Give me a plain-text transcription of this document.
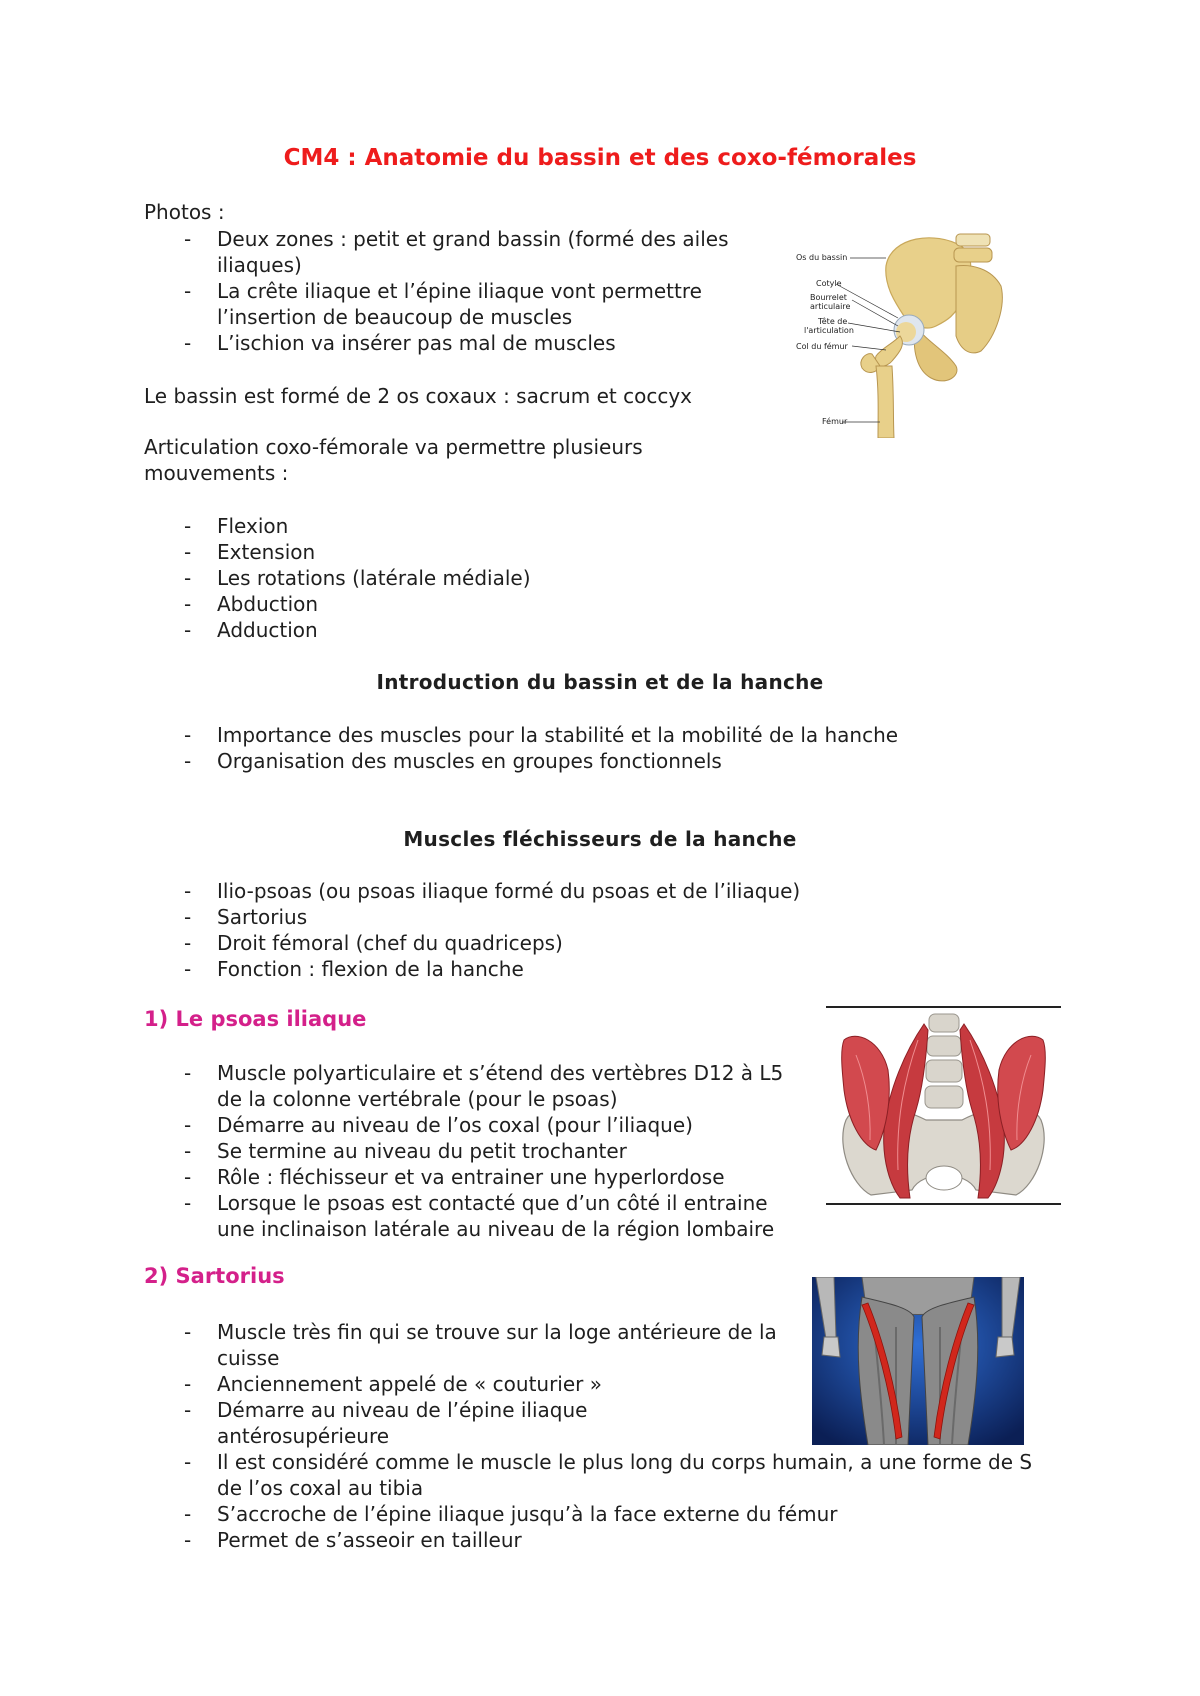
CM4 : Anatomie du bassin et des coxo-fémorales
Photos :
- Deux zones : petit et grand bassin (formé des ailes iliaques)
- La crête iliaque et l’épine iliaque vont permettre l’insertion de beaucoup de muscles
- L’ischion va insérer pas mal de muscles
Le bassin est formé de 2 os coxaux : sacrum et coccyx
Articulation coxo-fémorale va permettre plusieurs
mouvements :
- Flexion
- Extension
- Les rotations (latérale médiale)
- Abduction
- Adduction
Introduction du bassin et de la hanche
- Importance des muscles pour la stabilité et la mobilité de la hanche
- Organisation des muscles en groupes fonctionnels
Muscles fléchisseurs de la hanche
- Ilio-psoas (ou psoas iliaque formé du psoas et de l’iliaque)
- Sartorius
- Droit fémoral (chef du quadriceps)
- Fonction : flexion de la hanche
1) Le psoas iliaque
- Muscle polyarticulaire et s’étend des vertèbres D12 à L5 de la colonne vertébrale (pour le psoas)
- Démarre au niveau de l’os coxal (pour l’iliaque)
- Se termine au niveau du petit trochanter
- Rôle : fléchisseur et va entrainer une hyperlordose
- Lorsque le psoas est contacté que d’un côté il entraine une inclinaison latérale au niveau de la région lombaire
2) Sartorius
- Muscle très fin qui se trouve sur la loge antérieure de la cuisse
- Anciennement appelé de « couturier »
- Démarre au niveau de l’épine iliaque antérosupérieure
- Il est considéré comme le muscle le plus long du corps humain, a une forme de S de l’os coxal au tibia
- S’accroche de l’épine iliaque jusqu’à la face externe du fémur
- Permet de s’asseoir en tailleur
Os du bassin
Cotyle
Bourrelet
articulaire
Tête de
l'articulation
Col du fémur
Fémur
